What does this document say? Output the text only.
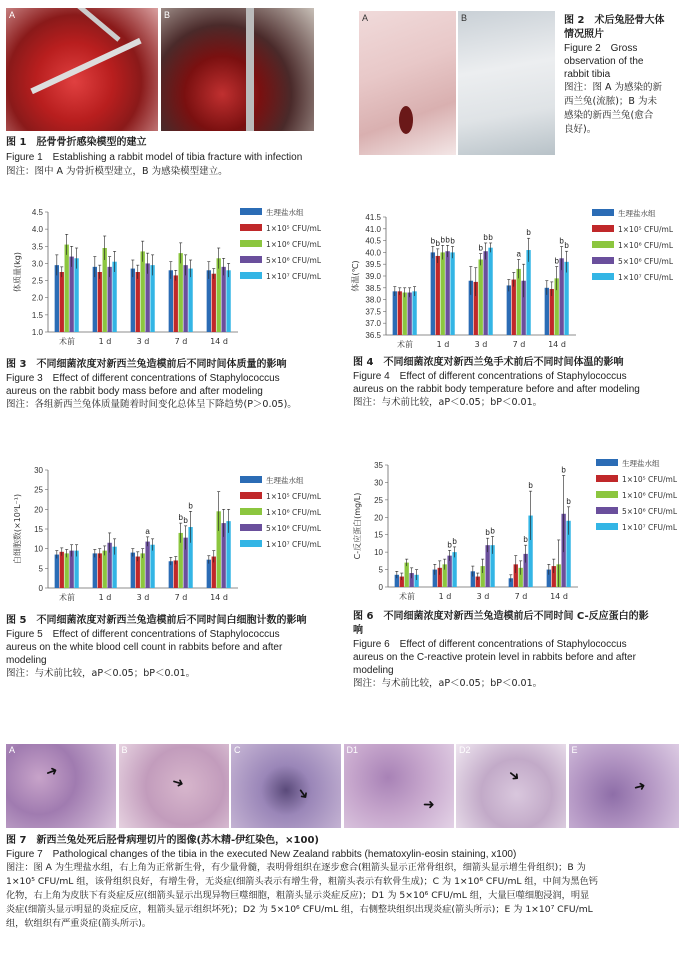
A	B
图 1　胫骨骨折感染模型的建立
Figure 1　Establishing a rabbit model of tibia fracture with infection
图注：图中 A 为骨折模型建立，B 为感染模型建立。
A	B	图 2　术后兔胫骨大体
情况照片
Figure 2　Gross
observation of the
rabbit tibia
图注：图 A 为感染的新
西兰兔(流脓)；B 为未
感染的新西兰兔(愈合
良好)。
1.0
1.5
2.0
2.5
3.0
3.5
4.0
4.5
体质量(kg)
术前	1 d	3 d	7 d	14 d
生理盐水组
1×10⁵ CFU/mL
1×10⁶ CFU/mL
5×10⁶ CFU/mL
1×10⁷ CFU/mL
36.5
37.0
37.5
38.0
38.5
39.0
39.5
40.0
40.5
41.0
41.5
体温(℃)
术前	1 d
b b b b b
3 d
b
b b
7 d
a
b
14 d
b
b
b
生理盐水组
1×10⁵ CFU/mL
1×10⁶ CFU/mL
5×10⁶ CFU/mL
1×10⁷ CFU/mL
0
5
10
15
20
25
30
白细胞数(×10⁹L⁻¹)
术前	1 d	3 d
a
7 d
b b
b
14 d
生理盐水组
1×10⁵ CFU/mL
1×10⁶ CFU/mL
5×10⁶ CFU/mL
1×10⁷ CFU/mL
0
5
10
15
20
25
30
35
C-反应蛋白(mg/L)
术前	1 d
b b
3 d
b b
7 d
b
b
14 d
b
b
生理盐水组
1×10⁵ CFU/mL
1×10⁶ CFU/mL
5×10⁶ CFU/mL
1×10⁷ CFU/mL
图 3　不同细菌浓度对新西兰兔造模前后不同时间体质量的影响
Figure 3　Effect of different concentrations of Staphylococcus
aureus on the rabbit body mass before and after modeling
图注：各组新西兰兔体质量随着时间变化总体呈下降趋势(P＞0.05)。
图 4　不同细菌浓度对新西兰兔手术前后不同时间体温的影响
Figure 4　Effect of different concentrations of Staphylococcus
aureus on the rabbit body temperature before and after modeling
图注：与术前比较，aP＜0.05；bP＜0.01。
图 5　不同细菌浓度对新西兰兔造模前后不同时间白细胞计数的影响
Figure 5　Effect of different concentrations of Staphylococcus
aureus on the white blood cell count in rabbits before and after
modeling
图注：与术前比较，aP＜0.05；bP＜0.01。
图 6　不同细菌浓度对新西兰兔造模前后不同时间 C-反应蛋白的影
响
Figure 6　Effect of different concentrations of Staphylococcus
aureus on the C-reactive protein level in rabbits before and after
modeling
图注：与术前比较，aP＜0.05；bP＜0.01。
A
➜
B
➜
C
➜
D1
➜
D2
➜
E
➜
图 7　新西兰兔处死后胫骨病理切片的图像(苏木精-伊红染色，×100)
Figure 7　Pathological changes of the tibia in the executed New Zealand rabbits (hematoxylin-eosin staining, x100)
图注：图 A 为生理盐水组，右上角为正常新生骨，有少量骨髓，表明骨组织在逐步愈合(粗箭头显示正常骨组织，细箭头显示增生骨组织)；B 为
1×10⁵ CFU/mL 组，该骨组织良好，有增生骨，无炎症(细箭头表示有增生骨，粗箭头表示有软骨生成)；C 为 1×10⁶ CFU/mL 组，中间为黑色钙
化物，右上角为皮肤下有炎症反应(细箭头显示出现异物巨噬细胞，粗箭头显示炎症反应)；D1 为 5×10⁶ CFU/mL 组，大量巨噬细胞浸润，明显
炎症(细箭头显示明显的炎症反应，粗箭头显示组织坏死)；D2 为 5×10⁶ CFU/mL 组，右侧整块组织出现炎症(箭头所示)；E 为 1×10⁷ CFU/mL
组，软组织有严重炎症(箭头所示)。
